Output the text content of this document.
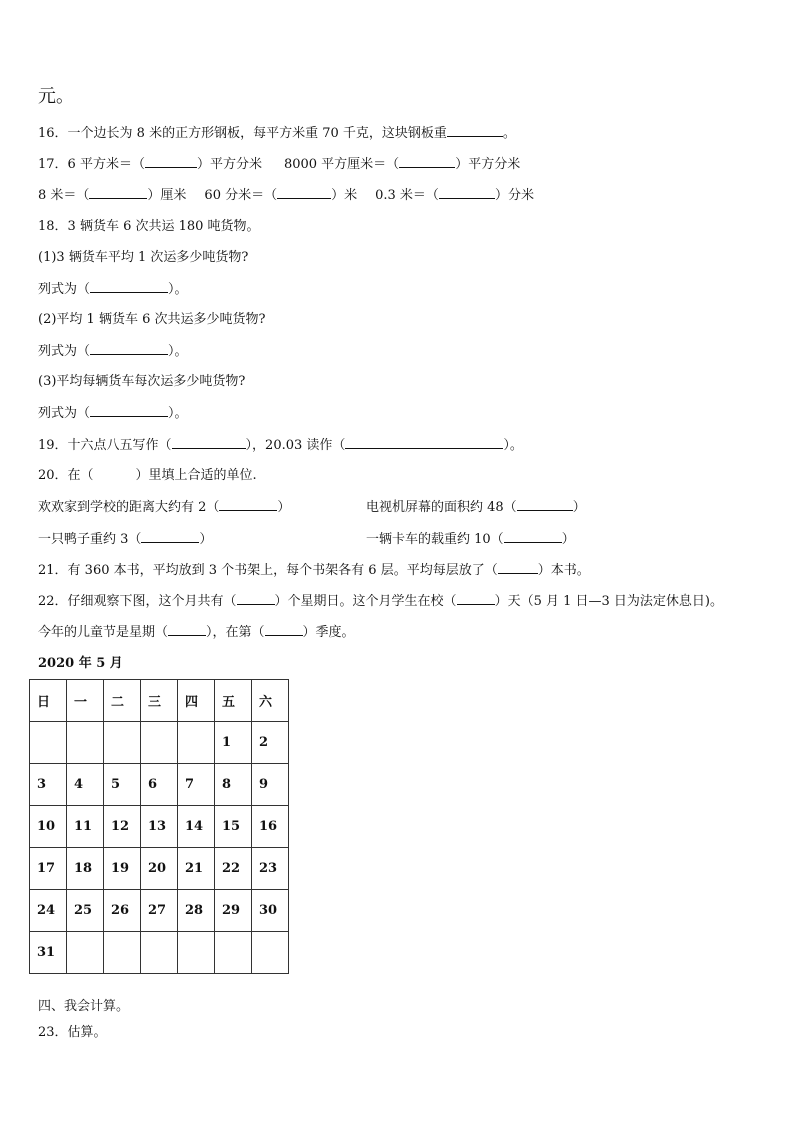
元。
16．一个边长为 8 米的正方形钢板，每平方米重 70 千克，这块钢板重	。
17．6 平方米＝（	）平方分米 8000 平方厘米＝（	）平方分米
8 米＝（	）厘米 60 分米＝（	）米 0.3 米＝（	）分米
18．3 辆货车 6 次共运 180 吨货物。
(1)3 辆货车平均 1 次运多少吨货物?
列式为（	）。
(2)平均 1 辆货车 6 次共运多少吨货物?
列式为（	）。
(3)平均每辆货车每次运多少吨货物?
列式为（	）。
19．十六点八五写作（	），20.03 读作（	）。
20．在（	）里填上合适的单位.
欢欢家到学校的距离大约有 2（	）	电视机屏幕的面积约 48（	）
一只鸭子重约 3（	）	一辆卡车的载重约 10（	）
21．有 360 本书，平均放到 3 个书架上，每个书架各有 6 层。平均每层放了（	）本书。
22．仔细观察下图，这个月共有（	）个星期日。这个月学生在校（	）天（5 月 1 日—3 日为法定休息日)。
今年的儿童节是星期（	），在第（	）季度。
2020 年 5 月
日	一	二	三	四	五	六
					1	2
3	4	5	6	7	8	9
10	11	12	13	14	15	16
17	18	19	20	21	22	23
24	25	26	27	28	29	30
31						
四、我会计算。
23．估算。
